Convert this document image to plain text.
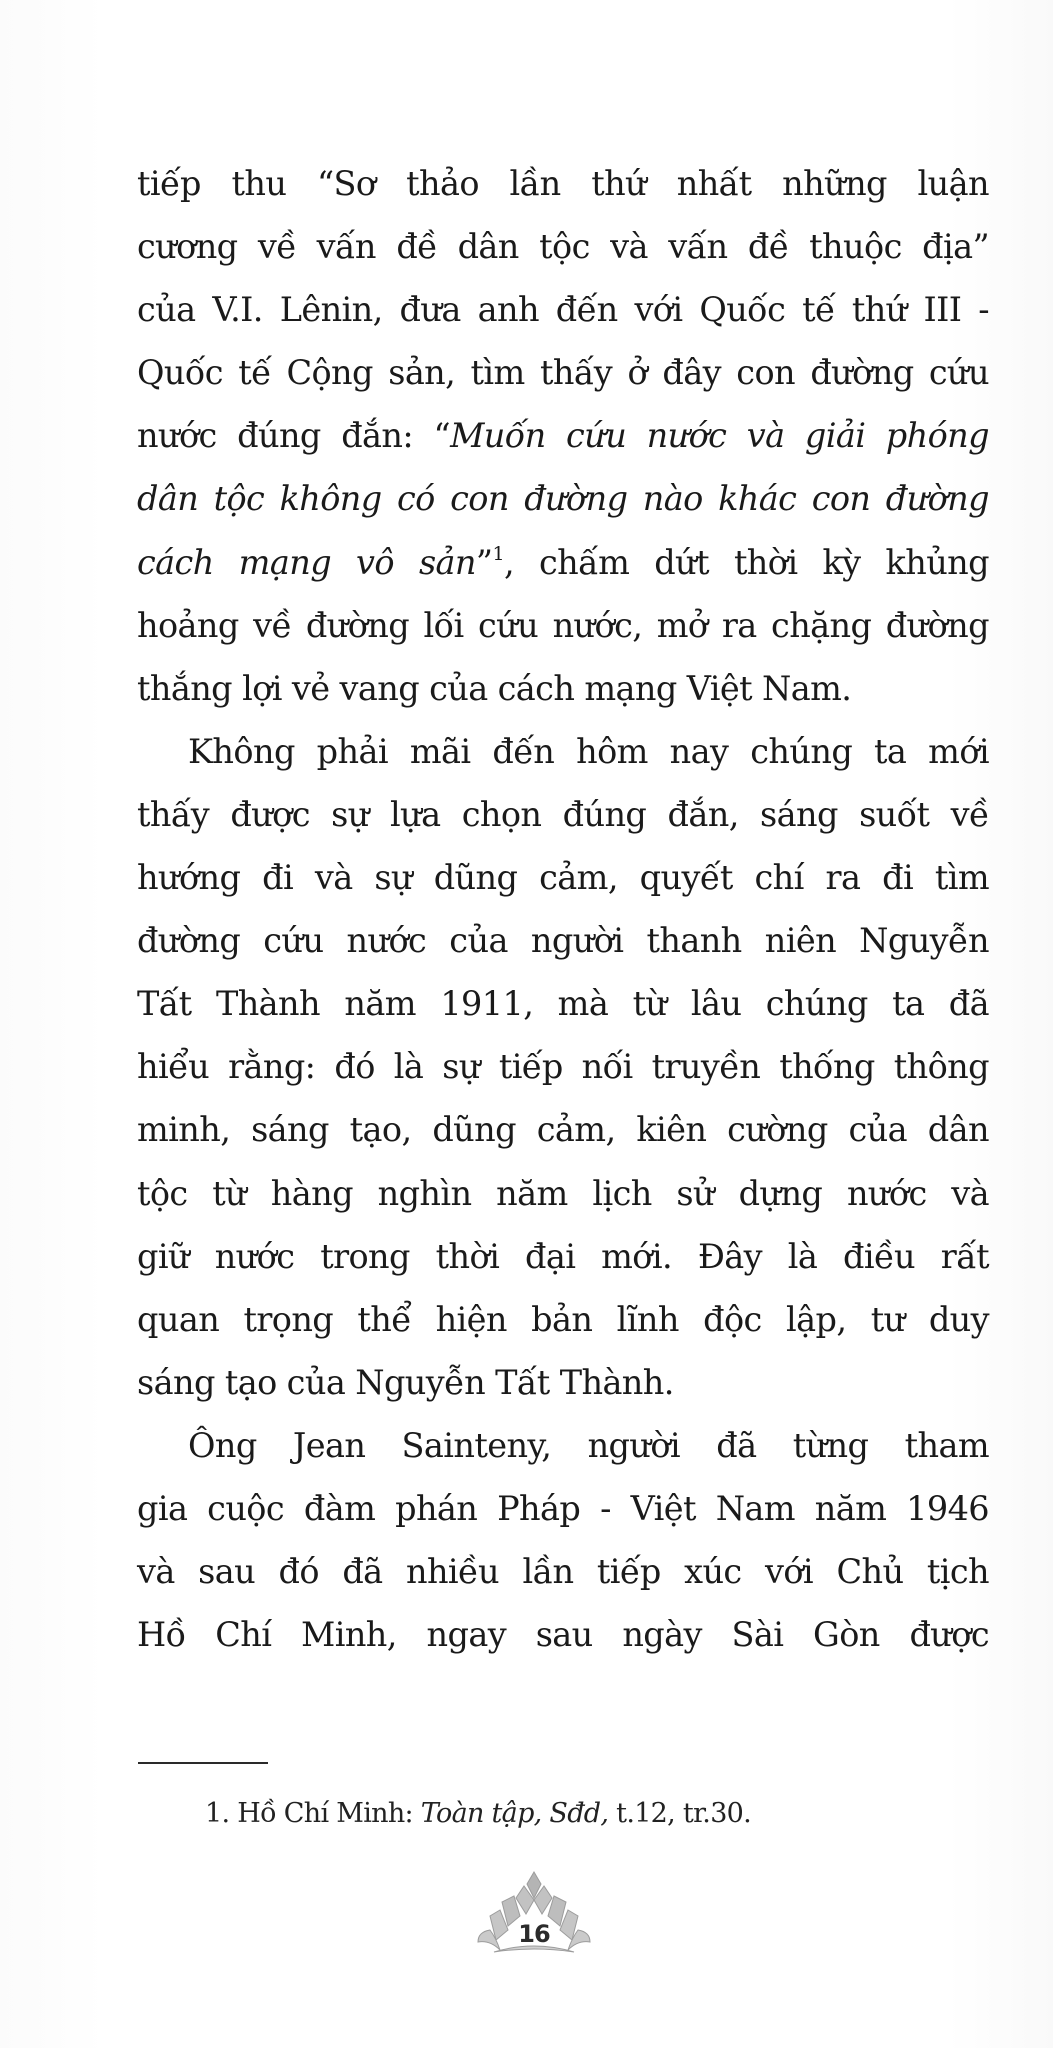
tiếp thu “Sơ thảo lần thứ nhất những luận
cương về vấn đề dân tộc và vấn đề thuộc địa”
của V.I. Lênin, đưa anh đến với Quốc tế thứ III -
Quốc tế Cộng sản, tìm thấy ở đây con đường cứu
nước đúng đắn: “Muốn cứu nước và giải phóng
dân tộc không có con đường nào khác con đường
cách mạng vô sản”$^1$, chấm dứt thời kỳ khủng
hoảng về đường lối cứu nước, mở ra chặng đường
thắng lợi vẻ vang của cách mạng Việt Nam.
Không phải mãi đến hôm nay chúng ta mới
thấy được sự lựa chọn đúng đắn, sáng suốt về
hướng đi và sự dũng cảm, quyết chí ra đi tìm
đường cứu nước của người thanh niên Nguyễn
Tất Thành năm 1911, mà từ lâu chúng ta đã
hiểu rằng: đó là sự tiếp nối truyền thống thông
minh, sáng tạo, dũng cảm, kiên cường của dân
tộc từ hàng nghìn năm lịch sử dựng nước và
giữ nước trong thời đại mới. Đây là điều rất
quan trọng thể hiện bản lĩnh độc lập, tư duy
sáng tạo của Nguyễn Tất Thành.
Ông Jean Sainteny, người đã từng tham
gia cuộc đàm phán Pháp - Việt Nam năm 1946
và sau đó đã nhiều lần tiếp xúc với Chủ tịch
Hồ Chí Minh, ngay sau ngày Sài Gòn được
1. Hồ Chí Minh: Toàn tập, Sđd, t.12, tr.30.
16
